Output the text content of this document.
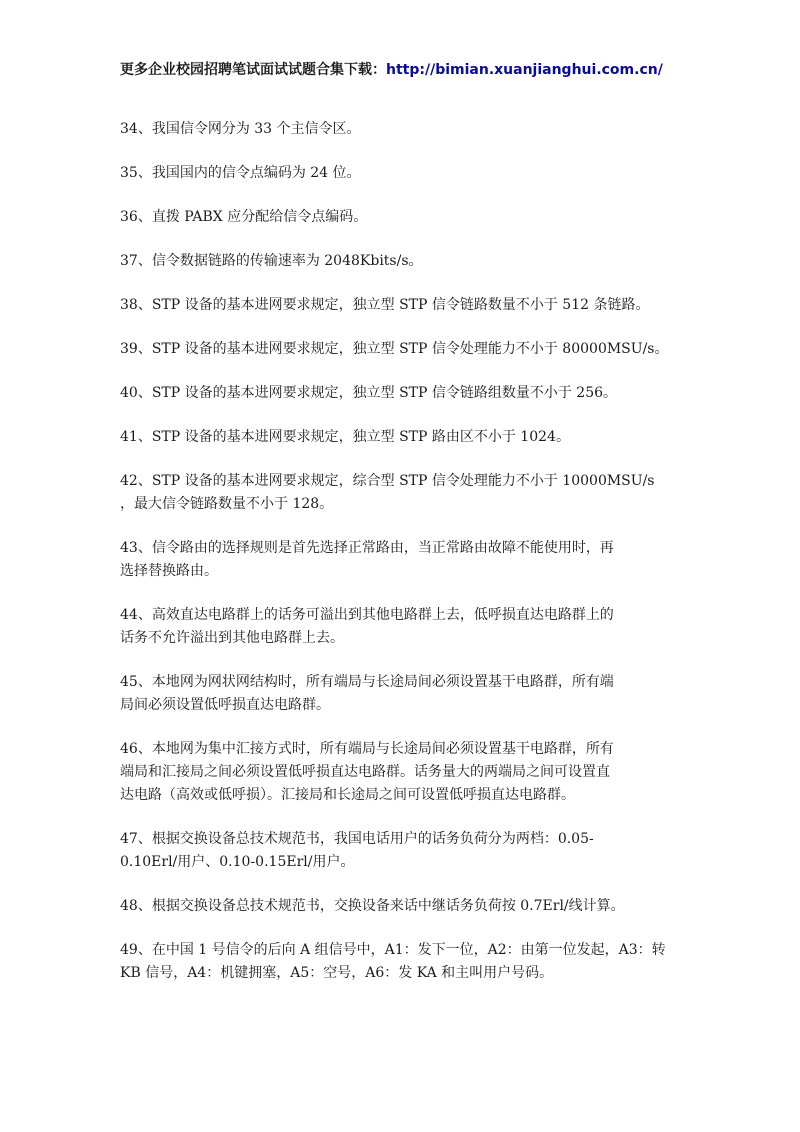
更多企业校园招聘笔试面试试题合集下载：http://bimian.xuanjianghui.com.cn/
34、我国信令网分为 33 个主信令区。
35、我国国内的信令点编码为 24 位。
36、直拨 PABX 应分配给信令点编码。
37、信令数据链路的传输速率为 2048Kbits/s。
38、STP 设备的基本进网要求规定，独立型 STP 信令链路数量不小于 512 条链路。
39、STP 设备的基本进网要求规定，独立型 STP 信令处理能力不小于 80000MSU/s。
40、STP 设备的基本进网要求规定，独立型 STP 信令链路组数量不小于 256。
41、STP 设备的基本进网要求规定，独立型 STP 路由区不小于 1024。
42、STP 设备的基本进网要求规定，综合型 STP 信令处理能力不小于 10000MSU/s
，最大信令链路数量不小于 128。
43、信令路由的选择规则是首先选择正常路由，当正常路由故障不能使用时，再
选择替换路由。
44、高效直达电路群上的话务可溢出到其他电路群上去，低呼损直达电路群上的
话务不允许溢出到其他电路群上去。
45、本地网为网状网结构时，所有端局与长途局间必须设置基干电路群，所有端
局间必须设置低呼损直达电路群。
46、本地网为集中汇接方式时，所有端局与长途局间必须设置基干电路群，所有
端局和汇接局之间必须设置低呼损直达电路群。话务量大的两端局之间可设置直
达电路（高效或低呼损）。汇接局和长途局之间可设置低呼损直达电路群。
47、根据交换设备总技术规范书，我国电话用户的话务负荷分为两档：0.05-
0.10Erl/用户、0.10-0.15Erl/用户。
48、根据交换设备总技术规范书，交换设备来话中继话务负荷按 0.7Erl/线计算。
49、在中国 1 号信令的后向 A 组信号中，A1：发下一位，A2：由第一位发起，A3：转
KB 信号，A4：机键拥塞，A5：空号，A6：发 KA 和主叫用户号码。
